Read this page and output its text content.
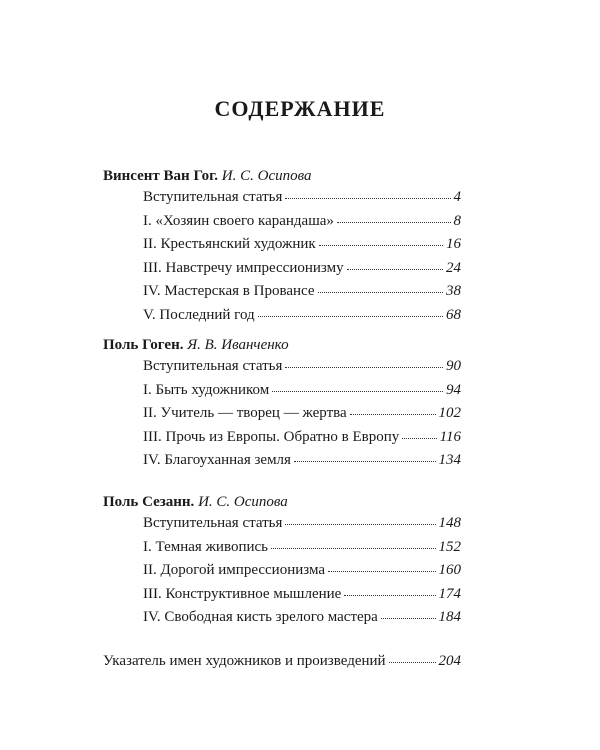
СОДЕРЖАНИЕ
Винсент Ван Гог. И. С. Осипова
Вступительная статья	4
I. «Хозяин своего карандаша»	8
II. Крестьянский художник	16
III. Навстречу импрессионизму	24
IV. Мастерская в Провансе	38
V. Последний год	68
Поль Гоген. Я. В. Иванченко
Вступительная статья	90
I. Быть художником	94
II. Учитель — творец — жертва	102
III. Прочь из Европы. Обратно в Европу	116
IV. Благоуханная земля	134
Поль Сезанн. И. С. Осипова
Вступительная статья	148
I. Темная живопись	152
II. Дорогой импрессионизма	160
III. Конструктивное мышление	174
IV. Свободная кисть зрелого мастера	184
Указатель имен художников и произведений	204
